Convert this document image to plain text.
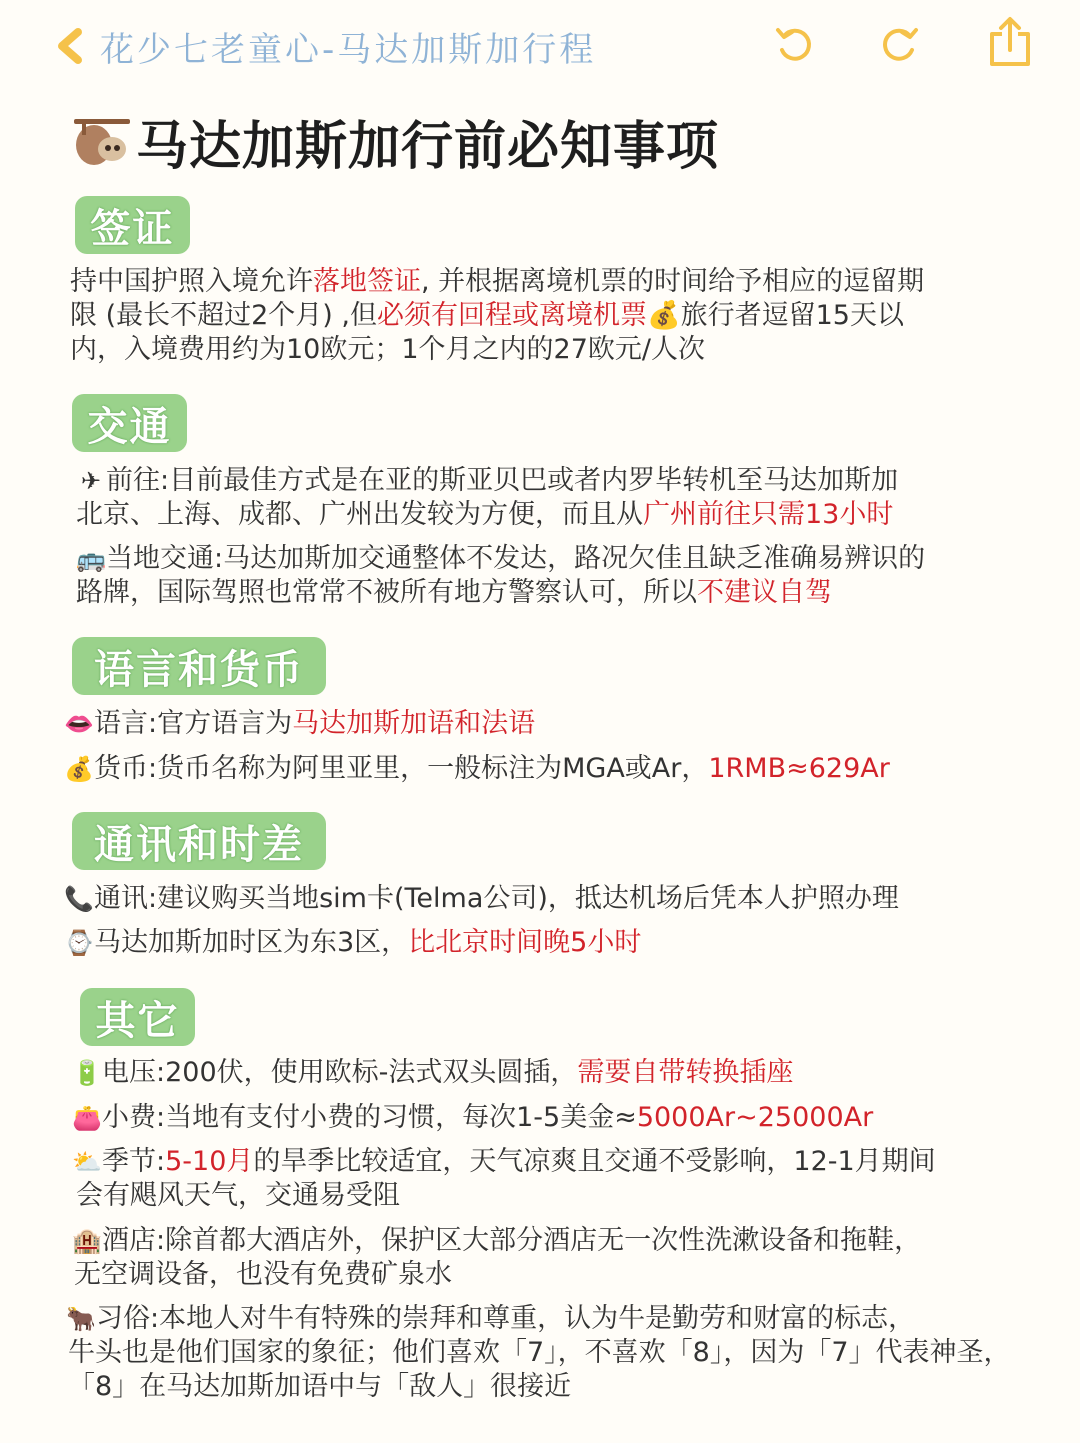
花少七老童心-马达加斯加行程
马达加斯加行前必知事项
签证
持中国护照入境允许落地签证, 并根据离境机票的时间给予相应的逗留期
限 (最长不超过2个月) ,但必须有回程或离境机票💰旅行者逗留15天以
内，入境费用约为10欧元；1个月之内的27欧元/人次
交通
✈ 前往:目前最佳方式是在亚的斯亚贝巴或者内罗毕转机至马达加斯加
北京、上海、成都、广州出发较为方便，而且从广州前往只需13小时
🚌当地交通:马达加斯加交通整体不发达，路况欠佳且缺乏准确易辨识的
路牌，国际驾照也常常不被所有地方警察认可，所以不建议自驾
语言和货币
👄语言:官方语言为马达加斯加语和法语
💰货币:货币名称为阿里亚里，一般标注为MGA或Ar，1RMB≈629Ar
通讯和时差
📞通讯:建议购买当地sim卡(Telma公司)，抵达机场后凭本人护照办理
⌚马达加斯加时区为东3区，比北京时间晚5小时
其它
🔋电压:200伏，使用欧标-法式双头圆插，需要自带转换插座
👛小费:当地有支付小费的习惯，每次1-5美金≈5000Ar~25000Ar
⛅季节:5-10月的旱季比较适宜，天气凉爽且交通不受影响，12-1月期间
会有飓风天气，交通易受阻
🏨酒店:除首都大酒店外，保护区大部分酒店无一次性洗漱设备和拖鞋，
无空调设备，也没有免费矿泉水
🐂习俗:本地人对牛有特殊的崇拜和尊重，认为牛是勤劳和财富的标志，
牛头也是他们国家的象征；他们喜欢「7」，不喜欢「8」，因为「7」代表神圣，
「8」在马达加斯加语中与「敌人」很接近
